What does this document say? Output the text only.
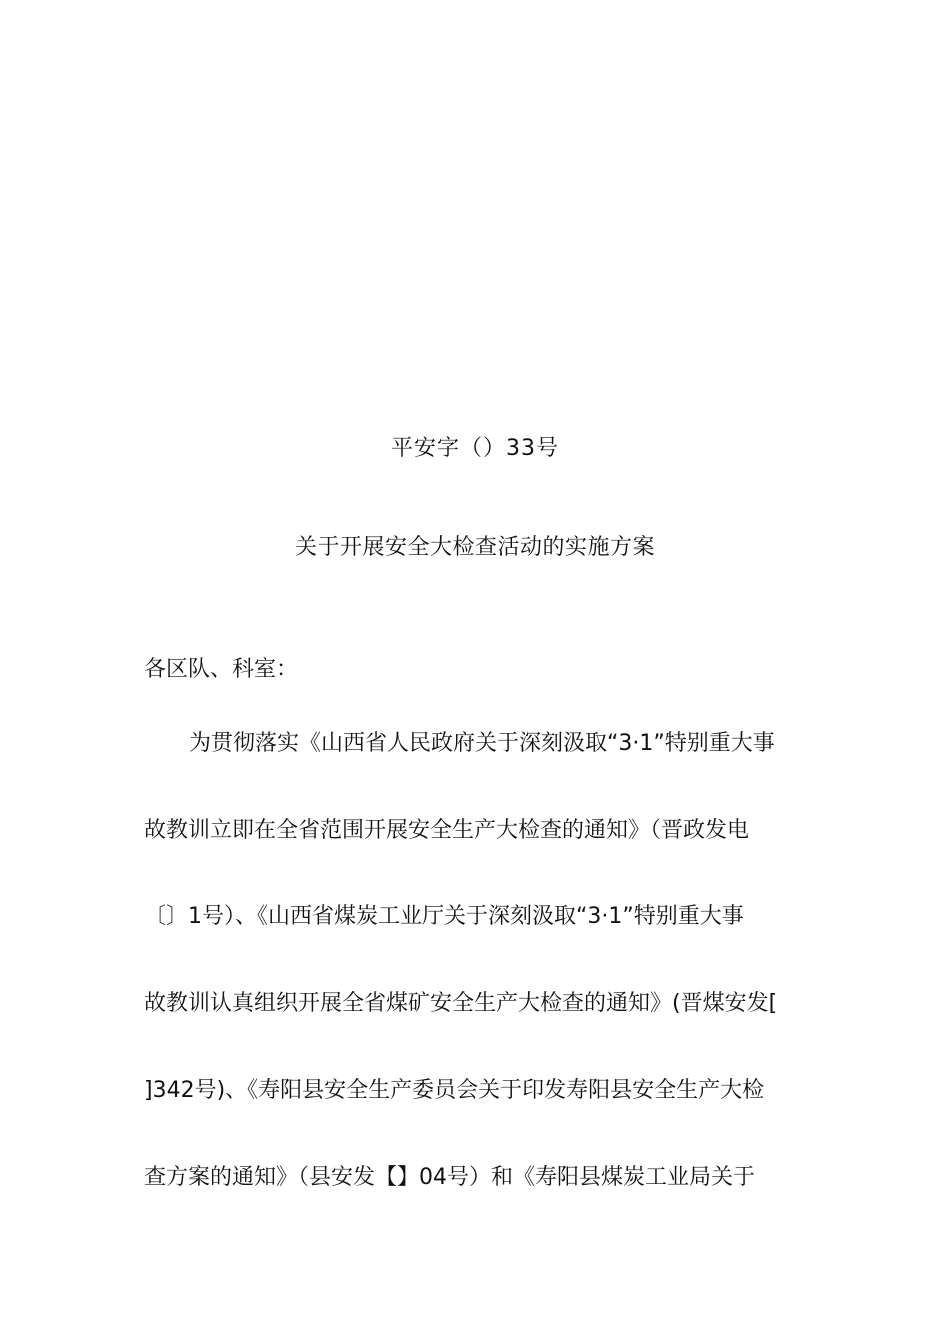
平安字（）33号
关于开展安全大检查活动的实施方案
各区队、科室：
为贯彻落实《山西省人民政府关于深刻汲取“3·1”特别重大事
故教训立即在全省范围开展安全生产大检查的通知》（晋政发电
〔〕1号）、《山西省煤炭工业厅关于深刻汲取“3·1”特别重大事
故教训认真组织开展全省煤矿安全生产大检查的通知》(晋煤安发[
]342号)、《寿阳县安全生产委员会关于印发寿阳县安全生产大检
查方案的通知》（县安发【】04号）和《寿阳县煤炭工业局关于
